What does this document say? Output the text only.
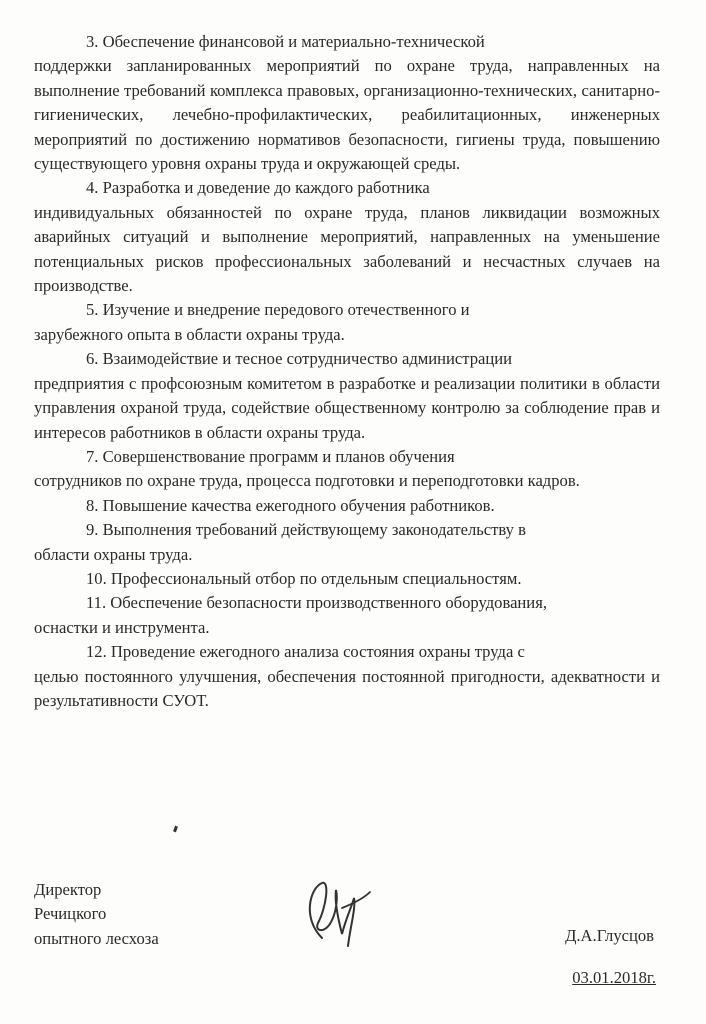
3. Обеспечение финансовой и материально-технической
поддержки запланированных мероприятий по охране труда, направленных на выполнение требований комплекса правовых, организационно-технических, санитарно-гигиенических, лечебно-профилактических, реабилитационных, инженерных мероприятий по достижению нормативов безопасности, гигиены труда, повышению существующего уровня охраны труда и окружающей среды.

4. Разработка и доведение до каждого работника
индивидуальных обязанностей по охране труда, планов ликвидации возможных аварийных ситуаций и выполнение мероприятий, направленных на уменьшение потенциальных рисков профессиональных заболеваний и несчастных случаев на производстве.

5. Изучение и внедрение передового отечественного и
зарубежного опыта в области охраны труда.

6. Взаимодействие и тесное сотрудничество администрации
предприятия с профсоюзным комитетом в разработке и реализации политики в области управления охраной труда, содействие общественному контролю за соблюдение прав и интересов работников в области охраны труда.

7. Совершенствование программ и планов обучения
сотрудников по охране труда, процесса подготовки и переподготовки кадров.

8. Повышение качества ежегодного обучения работников.

9. Выполнения требований действующему законодательству в
области охраны труда.

10. Профессиональный отбор по отдельным специальностям.

11. Обеспечение безопасности производственного оборудования,
оснастки и инструмента.

12. Проведение ежегодного анализа состояния охраны труда с
целью постоянного улучшения, обеспечения постоянной пригодности, адекватности и результативности СУОТ.

Директор
Речицкого
опытного лесхоза	Д.А.Глусцов
03.01.2018г.
